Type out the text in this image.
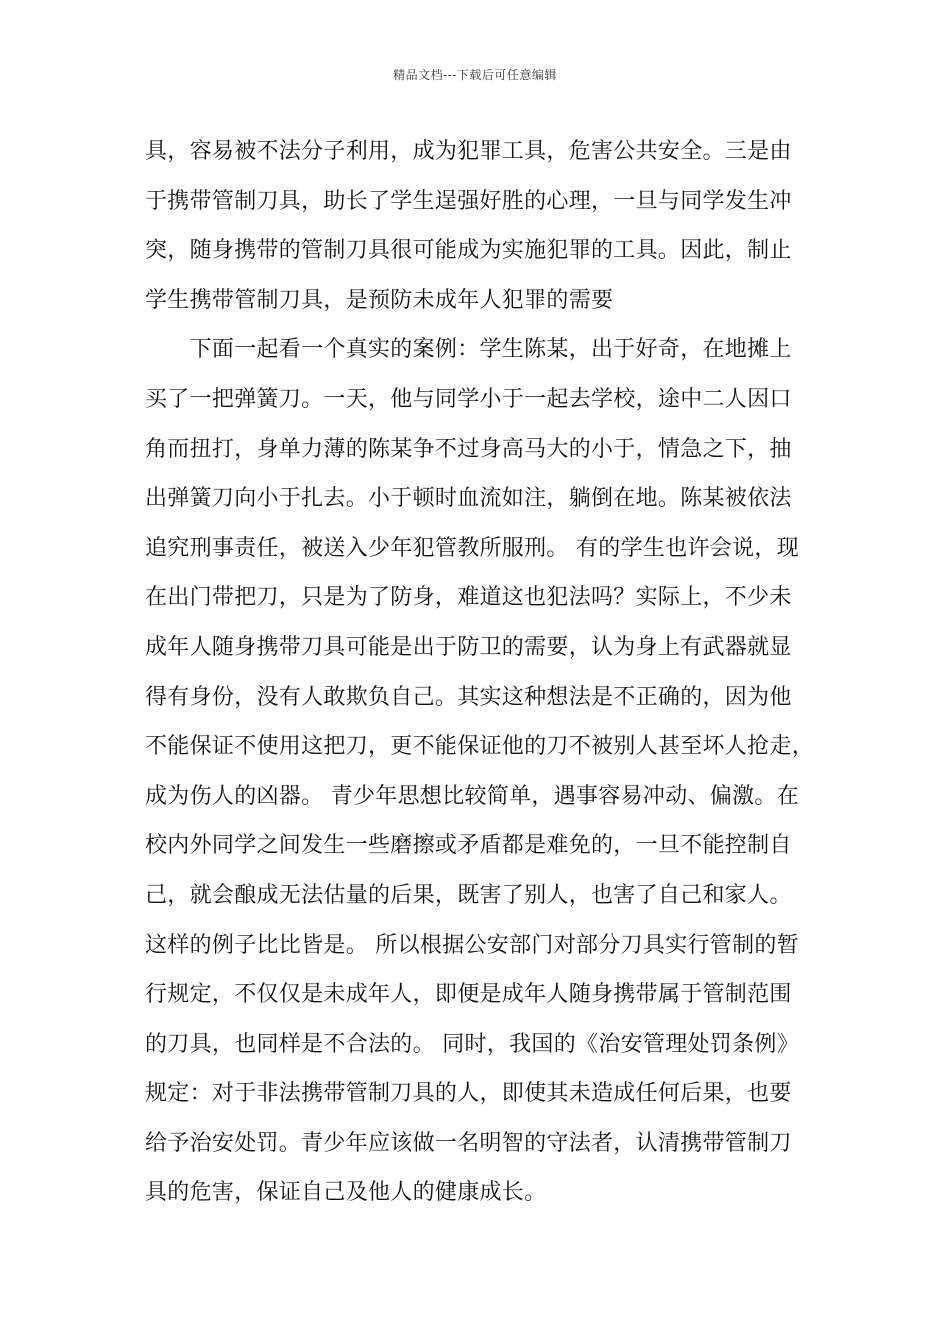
精品文档---下载后可任意编辑
具，容易被不法分子利用，成为犯罪工具，危害公共安全。三是由
于携带管制刀具，助长了学生逞强好胜的心理，一旦与同学发生冲
突，随身携带的管制刀具很可能成为实施犯罪的工具。因此，制止
学生携带管制刀具，是预防未成年人犯罪的需要
　　下面一起看一个真实的案例：学生陈某，出于好奇，在地摊上
买了一把弹簧刀。一天，他与同学小于一起去学校，途中二人因口
角而扭打，身单力薄的陈某争不过身高马大的小于，情急之下，抽
出弹簧刀向小于扎去。小于顿时血流如注，躺倒在地。陈某被依法
追究刑事责任，被送入少年犯管教所服刑。 有的学生也许会说，现
在出门带把刀，只是为了防身，难道这也犯法吗？实际上，不少未
成年人随身携带刀具可能是出于防卫的需要，认为身上有武器就显
得有身份，没有人敢欺负自己。其实这种想法是不正确的，因为他
不能保证不使用这把刀，更不能保证他的刀不被别人甚至坏人抢走，
成为伤人的凶器。 青少年思想比较简单，遇事容易冲动、偏激。在
校内外同学之间发生一些磨擦或矛盾都是难免的，一旦不能控制自
己，就会酿成无法估量的后果，既害了别人，也害了自己和家人。
这样的例子比比皆是。 所以根据公安部门对部分刀具实行管制的暂
行规定，不仅仅是未成年人，即便是成年人随身携带属于管制范围
的刀具，也同样是不合法的。 同时，我国的《治安管理处罚条例》
规定：对于非法携带管制刀具的人，即使其未造成任何后果，也要
给予治安处罚。青少年应该做一名明智的守法者，认清携带管制刀
具的危害，保证自己及他人的健康成长。
